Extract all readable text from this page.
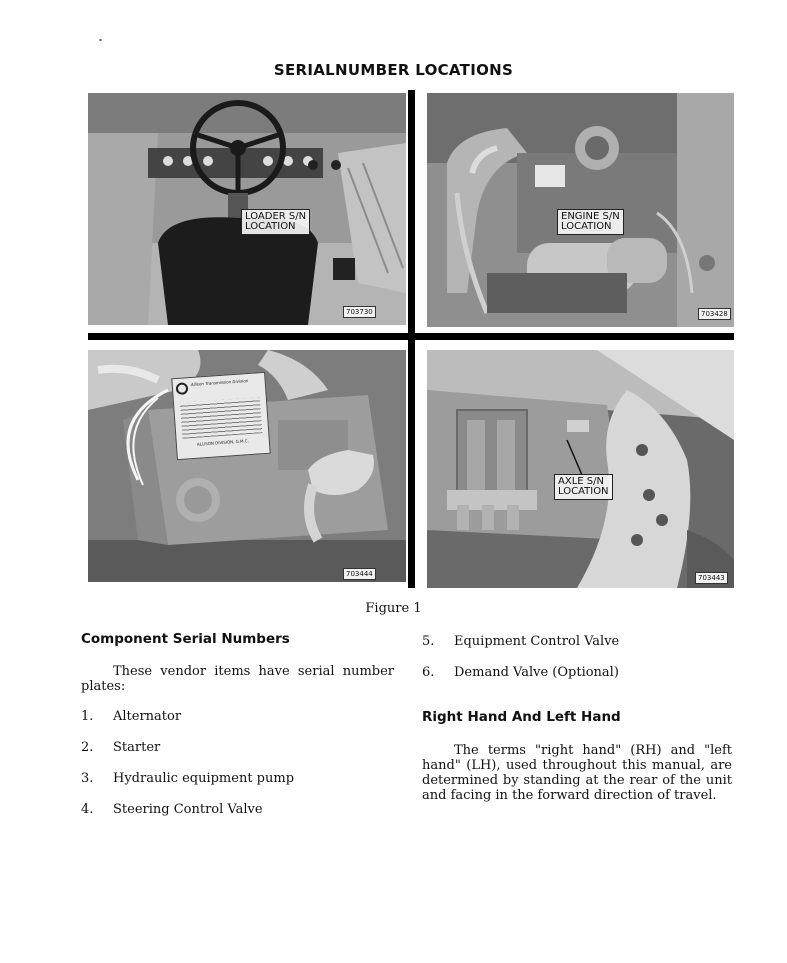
SERIALNUMBER LOCATIONS
LOADER S/N
LOCATION
703730
ENGINE S/N
LOCATION
703428
Allison Transmission Division
ALLISON DIVISION, G.M.C.
703444
AXLE S/N
LOCATION
703443
Figure 1
Component Serial Numbers
These vendor items have serial number plates:
1. Alternator
2. Starter
3. Hydraulic equipment pump
4. Steering Control Valve
5. Equipment Control Valve
6. Demand Valve (Optional)
Right Hand And Left Hand
The terms "right hand" (RH) and "left hand" (LH), used throughout this manual, are determined by standing at the rear of the unit and facing in the forward direction of travel.
